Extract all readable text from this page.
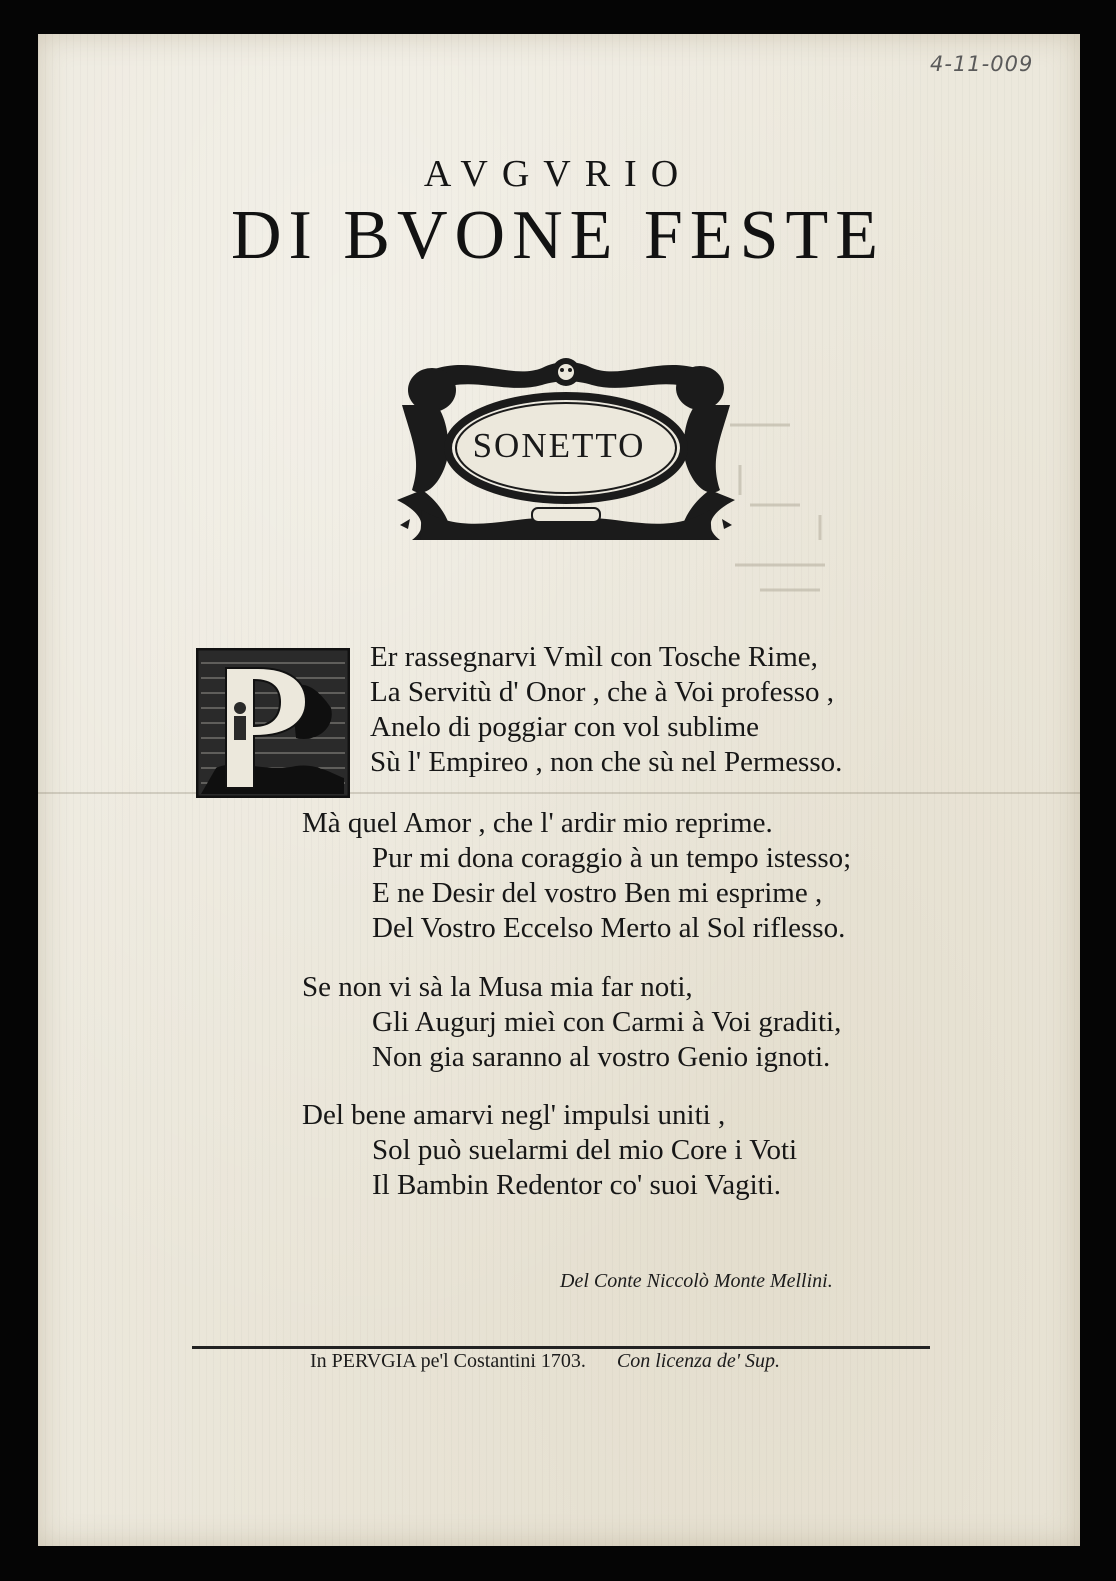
4-11-009
AVGVRIO
DI BVONE FESTE
SONETTO
Er rassegnarvi Vmìl con Tosche Rime,
La Servitù d' Onor , che à Voi professo ,
Anelo di poggiar con vol sublime
Sù l' Empireo , non che sù nel Permesso.
Mà quel Amor , che l' ardir mio reprime.
Pur mi dona coraggio à un tempo istesso;
E ne Desir del vostro Ben mi esprime ,
Del Vostro Eccelso Merto al Sol riflesso.
Se non vi sà la Musa mia far noti,
Gli Augurj mieì con Carmi à Voi graditi,
Non gia saranno al vostro Genio ignoti.
Del bene amarvi negl' impulsi uniti ,
Sol può suelarmi del mio Core i Voti
Il Bambin Redentor co' suoi Vagiti.
Del Conte Niccolò Monte Mellini.
In PERVGIA pe'l Costantini 1703. Con licenza de' Sup.
